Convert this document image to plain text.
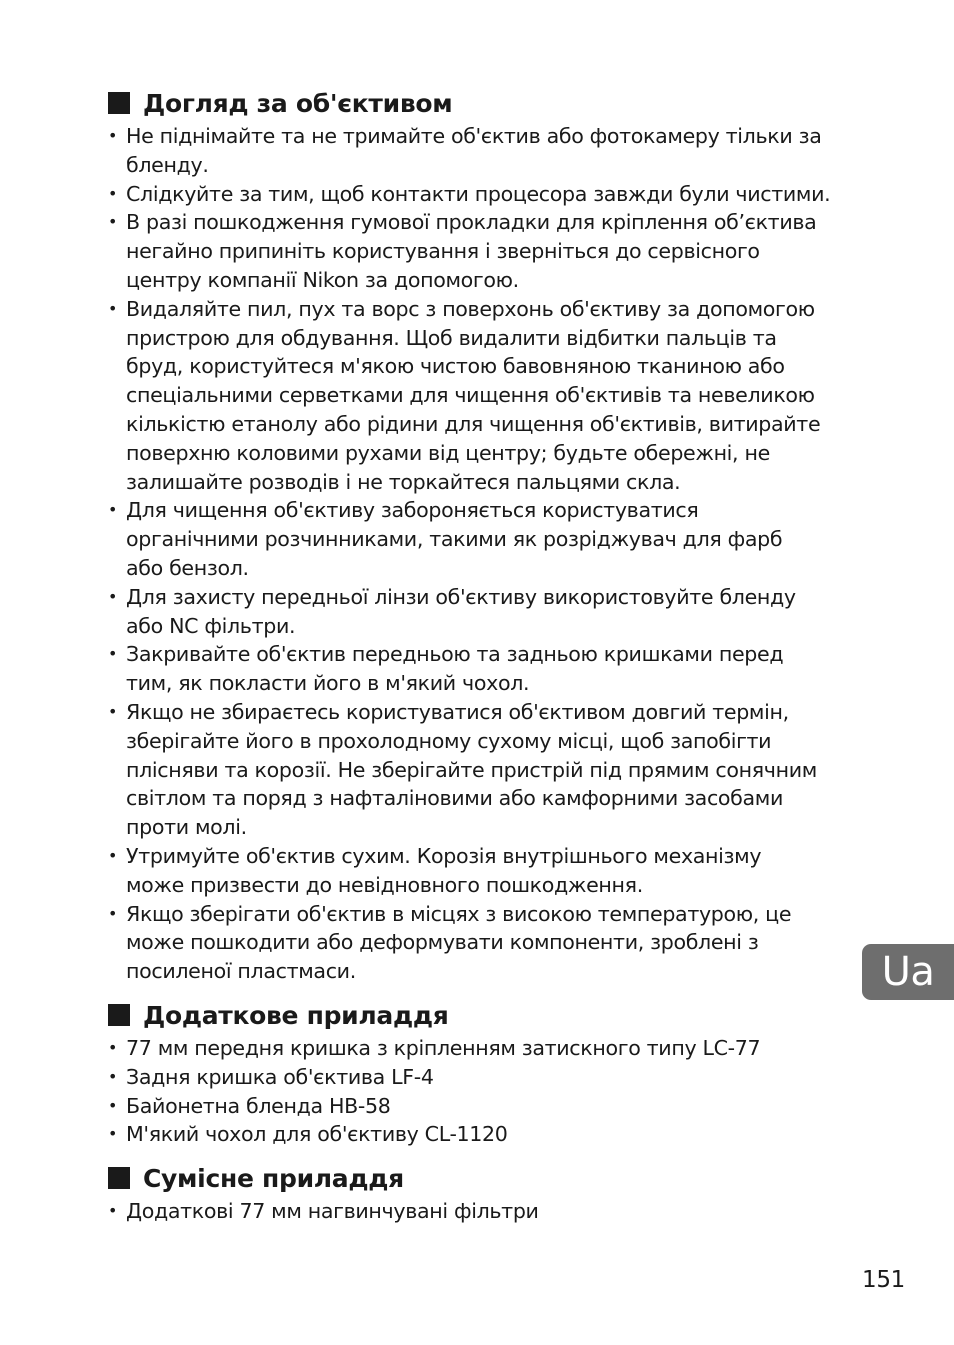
Догляд за об'єктивом
• Не піднімайте та не тримайте об'єктив або фотокамеру тільки за
бленду.
• Слідкуйте за тим, щоб контакти процесора завжди були чистими.
• В разі пошкодження гумової прокладки для кріплення об’єктива
негайно припиніть користування і зверніться до сервісного
центру компанії Nikon за допомогою.
• Видаляйте пил, пух та ворс з поверхонь об'єктиву за допомогою
пристрою для обдування. Щоб видалити відбитки пальців та
бруд, користуйтеся м'якою чистою бавовняною тканиною або
спеціальними серветками для чищення об'єктивів та невеликою
кількістю етанолу або рідини для чищення об'єктивів, витирайте
поверхню коловими рухами від центру; будьте обережні, не
залишайте розводів і не торкайтеся пальцями скла.
• Для чищення об'єктиву забороняється користуватися
органічними розчинниками, такими як розріджувач для фарб
або бензол.
• Для захисту передньої лінзи об'єктиву використовуйте бленду
або NC фільтри.
• Закривайте об'єктив передньою та задньою кришками перед
тим, як покласти його в м'який чохол.
• Якщо не збираєтесь користуватися об'єктивом довгий термін,
зберігайте його в прохолодному сухому місці, щоб запобігти
плісняви та корозії. Не зберігайте пристрій під прямим сонячним
світлом та поряд з нафталіновими або камфорними засобами
проти молі.
• Утримуйте об'єктив сухим. Корозія внутрішнього механізму
може призвести до невідновного пошкодження.
• Якщо зберігати об'єктив в місцях з високою температурою, це
може пошкодити або деформувати компоненти, зроблені з
посиленої пластмаси.
Додаткове приладдя
• 77 мм передня кришка з кріпленням затискного типу LC-77
• Задня кришка об'єктива LF-4
• Байонетна бленда HB-58
• М'який чохол для об'єктиву CL-1120
Сумісне приладдя
• Додаткові 77 мм нагвинчувані фільтри
Ua
151
